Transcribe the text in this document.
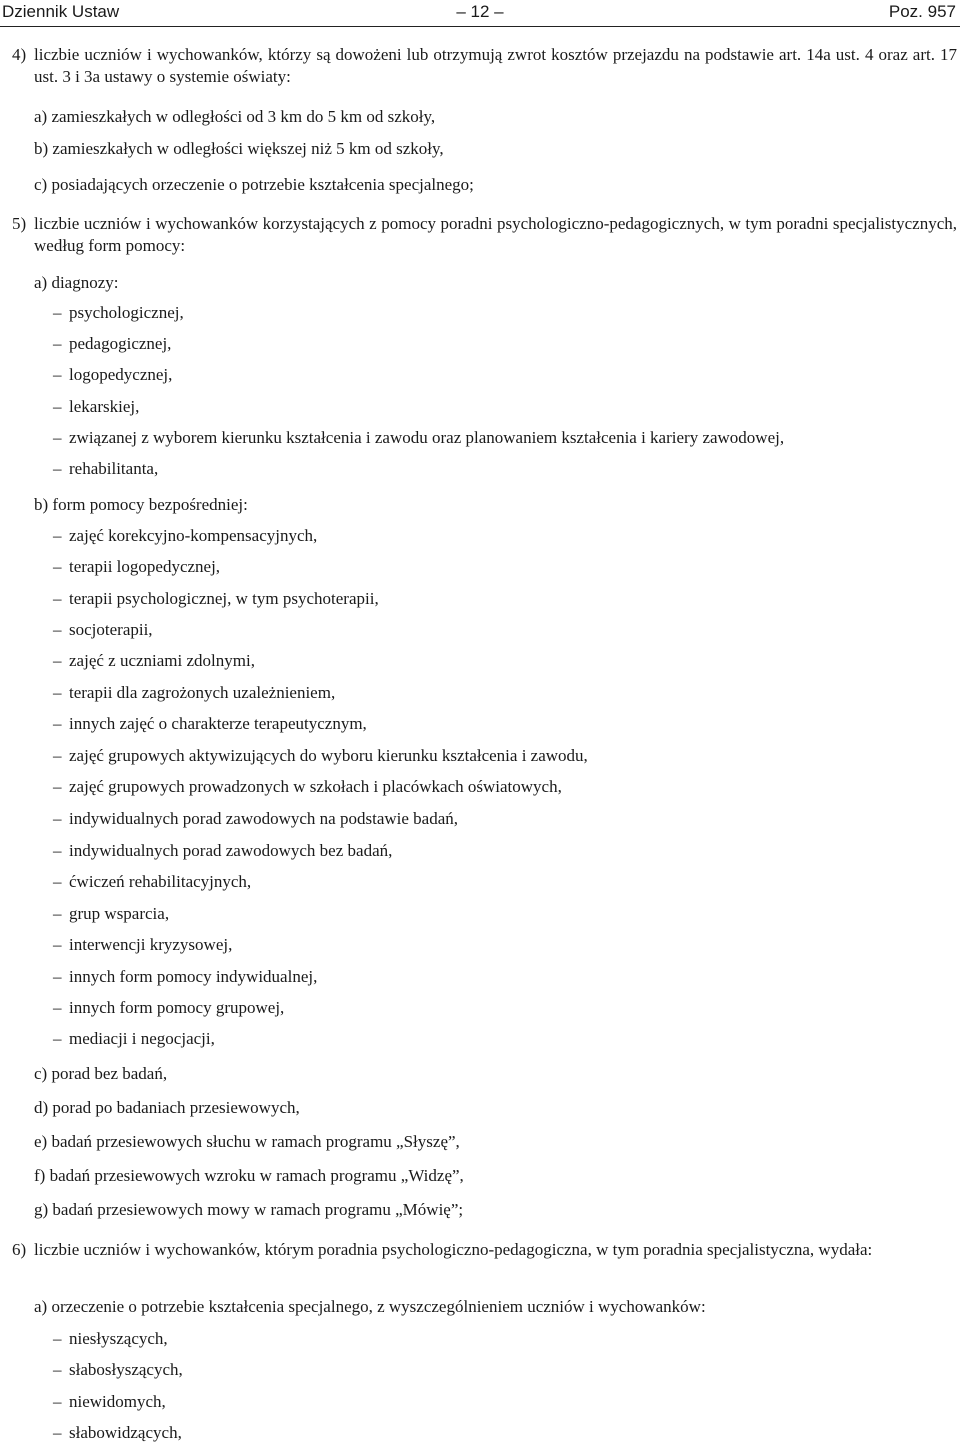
Dziennik Ustaw	– 12 –	Poz. 957
4) liczbie uczniów i wychowanków, którzy są dowożeni lub otrzymują zwrot kosztów przejazdu na podstawie art. 14a ust. 4 oraz art. 17 ust. 3 i 3a ustawy o systemie oświaty:
a) zamieszkałych w odległości od 3 km do 5 km od szkoły,
b) zamieszkałych w odległości większej niż 5 km od szkoły,
c) posiadających orzeczenie o potrzebie kształcenia specjalnego;
5) liczbie uczniów i wychowanków korzystających z pomocy poradni psychologiczno-pedagogicznych, w tym poradni specjalistycznych, według form pomocy:
a) diagnozy:
–psychologicznej,
–pedagogicznej,
–logopedycznej,
–lekarskiej,
–związanej z wyborem kierunku kształcenia i zawodu oraz planowaniem kształcenia i kariery zawodowej,
–rehabilitanta,
b) form pomocy bezpośredniej:
–zajęć korekcyjno-kompensacyjnych,
–terapii logopedycznej,
–terapii psychologicznej, w tym psychoterapii,
–socjoterapii,
–zajęć z uczniami zdolnymi,
–terapii dla zagrożonych uzależnieniem,
–innych zajęć o charakterze terapeutycznym,
–zajęć grupowych aktywizujących do wyboru kierunku kształcenia i zawodu,
–zajęć grupowych prowadzonych w szkołach i placówkach oświatowych,
–indywidualnych porad zawodowych na podstawie badań,
–indywidualnych porad zawodowych bez badań,
–ćwiczeń rehabilitacyjnych,
–grup wsparcia,
–interwencji kryzysowej,
–innych form pomocy indywidualnej,
–innych form pomocy grupowej,
–mediacji i negocjacji,
c) porad bez badań,
d) porad po badaniach przesiewowych,
e) badań przesiewowych słuchu w ramach programu „Słyszę”,
f) badań przesiewowych wzroku w ramach programu „Widzę”,
g) badań przesiewowych mowy w ramach programu „Mówię”;
6) liczbie uczniów i wychowanków, którym poradnia psychologiczno-pedagogiczna, w tym poradnia specjalistyczna, wydała:
a) orzeczenie o potrzebie kształcenia specjalnego, z wyszczególnieniem uczniów i wychowanków:
–niesłyszących,
–słabosłyszących,
–niewidomych,
–słabowidzących,
